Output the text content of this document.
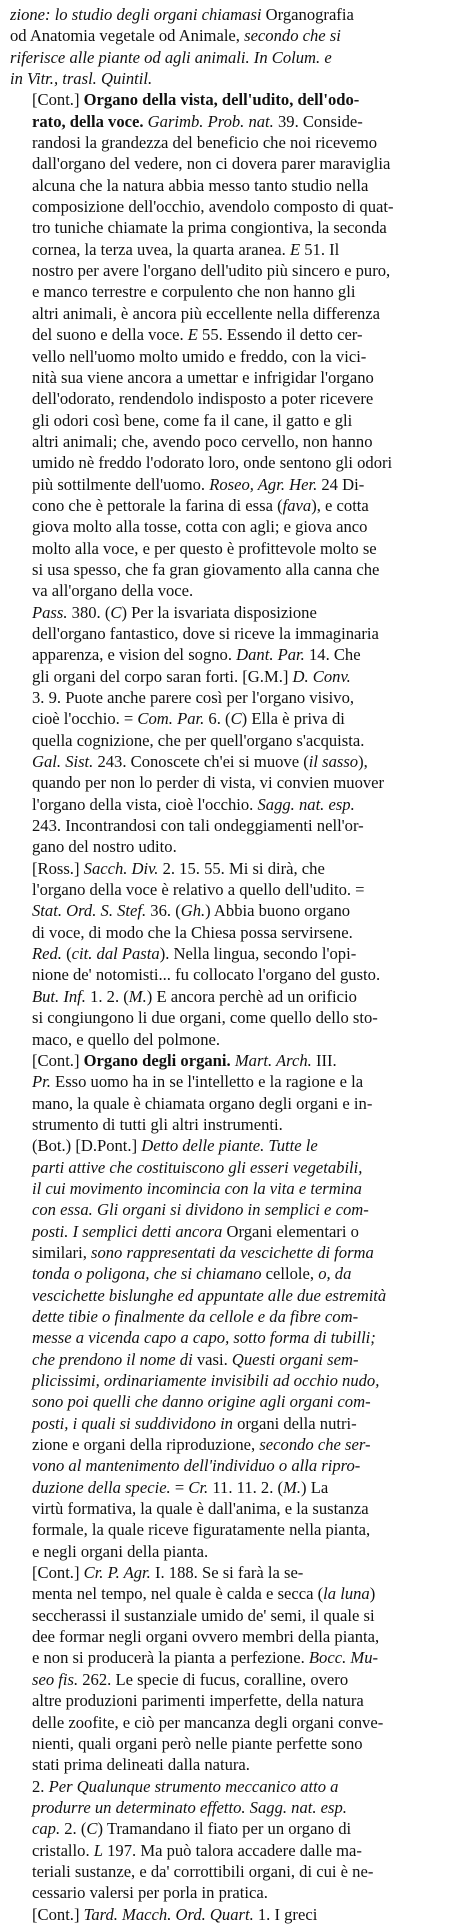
zione: lo studio degli organi chiamasi Organografia
od Anatomia vegetale od Animale, secondo che si
riferisce alle piante od agli animali. In Colum. e
in Vitr., trasl. Quintil.
[Cont.] Organo della vista, dell'udito, dell'odo-
rato, della voce. Garimb. Prob. nat. 39. Conside-
randosi la grandezza del beneficio che noi ricevemo
dall'organo del vedere, non ci dovera parer maraviglia
alcuna che la natura abbia messo tanto studio nella
composizione dell'occhio, avendolo composto di quat-
tro tuniche chiamate la prima congiontiva, la seconda
cornea, la terza uvea, la quarta aranea. E 51. Il
nostro per avere l'organo dell'udito più sincero e puro,
e manco terrestre e corpulento che non hanno gli
altri animali, è ancora più eccellente nella differenza
del suono e della voce. E 55. Essendo il detto cer-
vello nell'uomo molto umido e freddo, con la vici-
nità sua viene ancora a umettar e infrigidar l'organo
dell'odorato, rendendolo indisposto a poter ricevere
gli odori così bene, come fa il cane, il gatto e gli
altri animali; che, avendo poco cervello, non hanno
umido nè freddo l'odorato loro, onde sentono gli odori
più sottilmente dell'uomo. Roseo, Agr. Her. 24 Di-
cono che è pettorale la farina di essa (fava), e cotta
giova molto alla tosse, cotta con agli; e giova anco
molto alla voce, e per questo è profittevole molto se
si usa spesso, che fa gran giovamento alla canna che
va all'organo della voce.
Pass. 380. (C) Per la isvariata disposizione
dell'organo fantastico, dove si riceve la immaginaria
apparenza, e vision del sogno. Dant. Par. 14. Che
gli organi del corpo saran forti. [G.M.] D. Conv.
3. 9. Puote anche parere così per l'organo visivo,
cioè l'occhio. = Com. Par. 6. (C) Ella è priva di
quella cognizione, che per quell'organo s'acquista.
Gal. Sist. 243. Conoscete ch'ei si muove (il sasso),
quando per non lo perder di vista, vi convien muover
l'organo della vista, cioè l'occhio. Sagg. nat. esp.
243. Incontrandosi con tali ondeggiamenti nell'or-
gano del nostro udito.
[Ross.] Sacch. Div. 2. 15. 55. Mi si dirà, che
l'organo della voce è relativo a quello dell'udito. =
Stat. Ord. S. Stef. 36. (Gh.) Abbia buono organo
di voce, di modo che la Chiesa possa servirsene.
Red. (cit. dal Pasta). Nella lingua, secondo l'opi-
nione de' notomisti... fu collocato l'organo del gusto.
But. Inf. 1. 2. (M.) E ancora perchè ad un orificio
si congiungono li due organi, come quello dello sto-
maco, e quello del polmone.
[Cont.] Organo degli organi. Mart. Arch. III.
Pr. Esso uomo ha in se l'intelletto e la ragione e la
mano, la quale è chiamata organo degli organi e in-
strumento di tutti gli altri instrumenti.
(Bot.) [D.Pont.] Detto delle piante. Tutte le
parti attive che costituiscono gli esseri vegetabili,
il cui movimento incomincia con la vita e termina
con essa. Gli organi si dividono in semplici e com-
posti. I semplici detti ancora Organi elementari o
similari, sono rappresentati da vescichette di forma
tonda o poligona, che si chiamano cellole, o, da
vescichette bislunghe ed appuntate alle due estremità
dette tibie o finalmente da cellole e da fibre com-
messe a vicenda capo a capo, sotto forma di tubilli;
che prendono il nome di vasi. Questi organi sem-
plicissimi, ordinariamente invisibili ad occhio nudo,
sono poi quelli che danno origine agli organi com-
posti, i quali si suddividono in organi della nutri-
zione e organi della riproduzione, secondo che ser-
vono al mantenimento dell'individuo o alla ripro-
duzione della specie. = Cr. 11. 11. 2. (M.) La
virtù formativa, la quale è dall'anima, e la sustanza
formale, la quale riceve figuratamente nella pianta,
e negli organi della pianta.
[Cont.] Cr. P. Agr. I. 188. Se si farà la se-
menta nel tempo, nel quale è calda e secca (la luna)
seccherassi il sustanziale umido de' semi, il quale si
dee formar negli organi ovvero membri della pianta,
e non si producerà la pianta a perfezione. Bocc. Mu-
seo fis. 262. Le specie di fucus, coralline, overo
altre produzioni parimenti imperfette, della natura
delle zoofite, e ciò per mancanza degli organi conve-
nienti, quali organi però nelle piante perfette sono
stati prima delineati dalla natura.
2. Per Qualunque strumento meccanico atto a
produrre un determinato effetto. Sagg. nat. esp.
cap. 2. (C) Tramandano il fiato per un organo di
cristallo. L 197. Ma può talora accadere dalle ma-
teriali sustanze, e da' corrottibili organi, di cui è ne-
cessario valersi per porla in pratica.
[Cont.] Tard. Macch. Ord. Quart. 1. I greci
